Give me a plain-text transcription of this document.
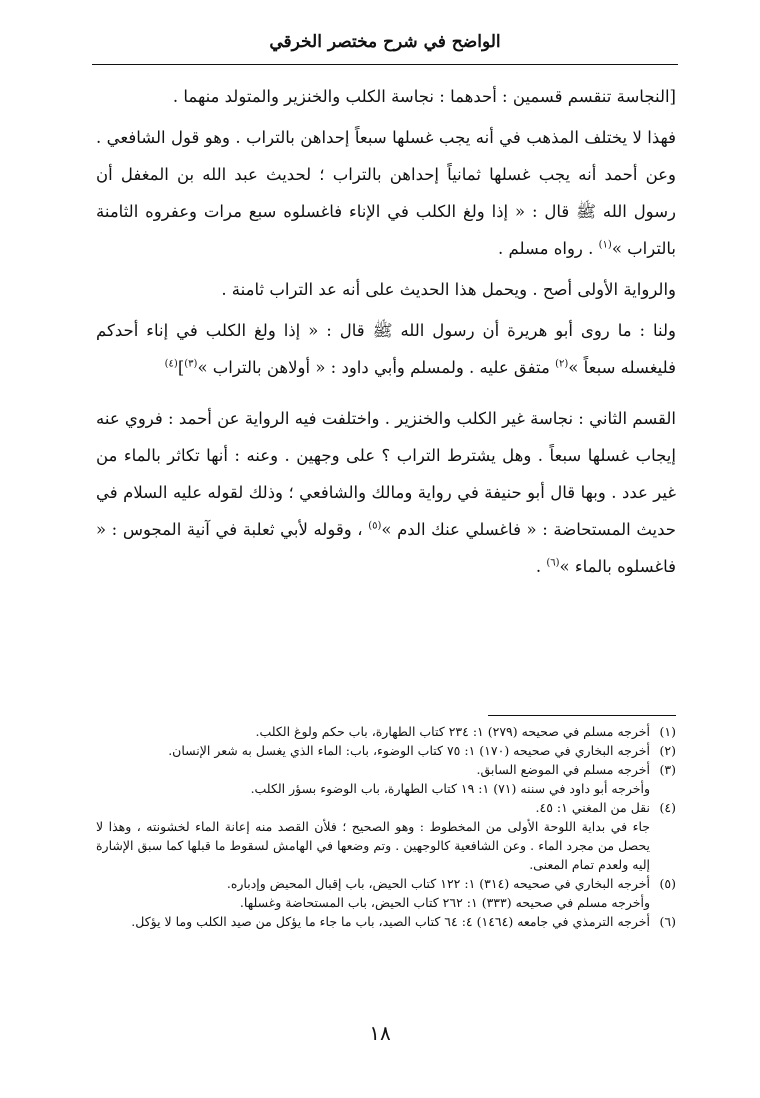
الواضح في شرح مختصر الخرقي

[النجاسة تنقسم قسمين : أحدهما : نجاسة الكلب والخنزير والمتولد منهما .

فهذا لا يختلف المذهب في أنه يجب غسلها سبعاً إحداهن بالتراب . وهو قول الشافعي . وعن أحمد أنه يجب غسلها ثمانياً إحداهن بالتراب ؛ لحديث عبد الله بن المغفل أن رسول الله ﷺ قال : « إذا ولغ الكلب في الإناء فاغسلوه سبع مرات وعفروه الثامنة بالتراب »$^{(١)}$ . رواه مسلم .

والرواية الأولى أصح . ويحمل هذا الحديث على أنه عد التراب ثامنة .

ولنا : ما روى أبو هريرة أن رسول الله ﷺ قال : « إذا ولغ الكلب في إناء أحدكم فليغسله سبعاً »$^{(٢)}$ متفق عليه . ولمسلم وأبي داود : « أولاهن بالتراب »$^{(٣)}$]$^{(٤)}$

القسم الثاني : نجاسة غير الكلب والخنزير . واختلفت فيه الرواية عن أحمد : فروي عنه إيجاب غسلها سبعاً . وهل يشترط التراب ؟ على وجهين . وعنه : أنها تكاثر بالماء من غير عدد . وبها قال أبو حنيفة في رواية ومالك والشافعي ؛ وذلك لقوله عليه السلام في حديث المستحاضة : « فاغسلي عنك الدم »$^{(٥)}$ ، وقوله لأبي ثعلبة في آنية المجوس : « فاغسلوه بالماء »$^{(٦)}$ .

(١)أخرجه مسلم في صحيحه (٢٧٩) ١: ٢٣٤ كتاب الطهارة، باب حكم ولوغ الكلب.

(٢)أخرجه البخاري في صحيحه (١٧٠) ١: ٧٥ كتاب الوضوء، باب: الماء الذي يغسل به شعر الإنسان.

(٣)أخرجه مسلم في الموضع السابق.

وأخرجه أبو داود في سننه (٧١) ١: ١٩ كتاب الطهارة، باب الوضوء بسؤر الكلب.

(٤)نقل من المغني ١: ٤٥.

جاء في بداية اللوحة الأولى من المخطوط : وهو الصحيح ؛ فلأن القصد منه إعانة الماء لخشونته ، وهذا لا يحصل من مجرد الماء . وعن الشافعية كالوجهين . وتم وضعها في الهامش لسقوط ما قبلها كما سبق الإشارة إليه ولعدم تمام المعنى.

(٥)أخرجه البخاري في صحيحه (٣١٤) ١: ١٢٢ كتاب الحيض، باب إقبال المحيض وإدباره.

وأخرجه مسلم في صحيحه (٣٣٣) ١: ٢٦٢ كتاب الحيض، باب المستحاضة وغسلها.

(٦)أخرجه الترمذي في جامعه (١٤٦٤) ٤: ٦٤ كتاب الصيد، باب ما جاء ما يؤكل من صيد الكلب وما لا يؤكل.

١٨
